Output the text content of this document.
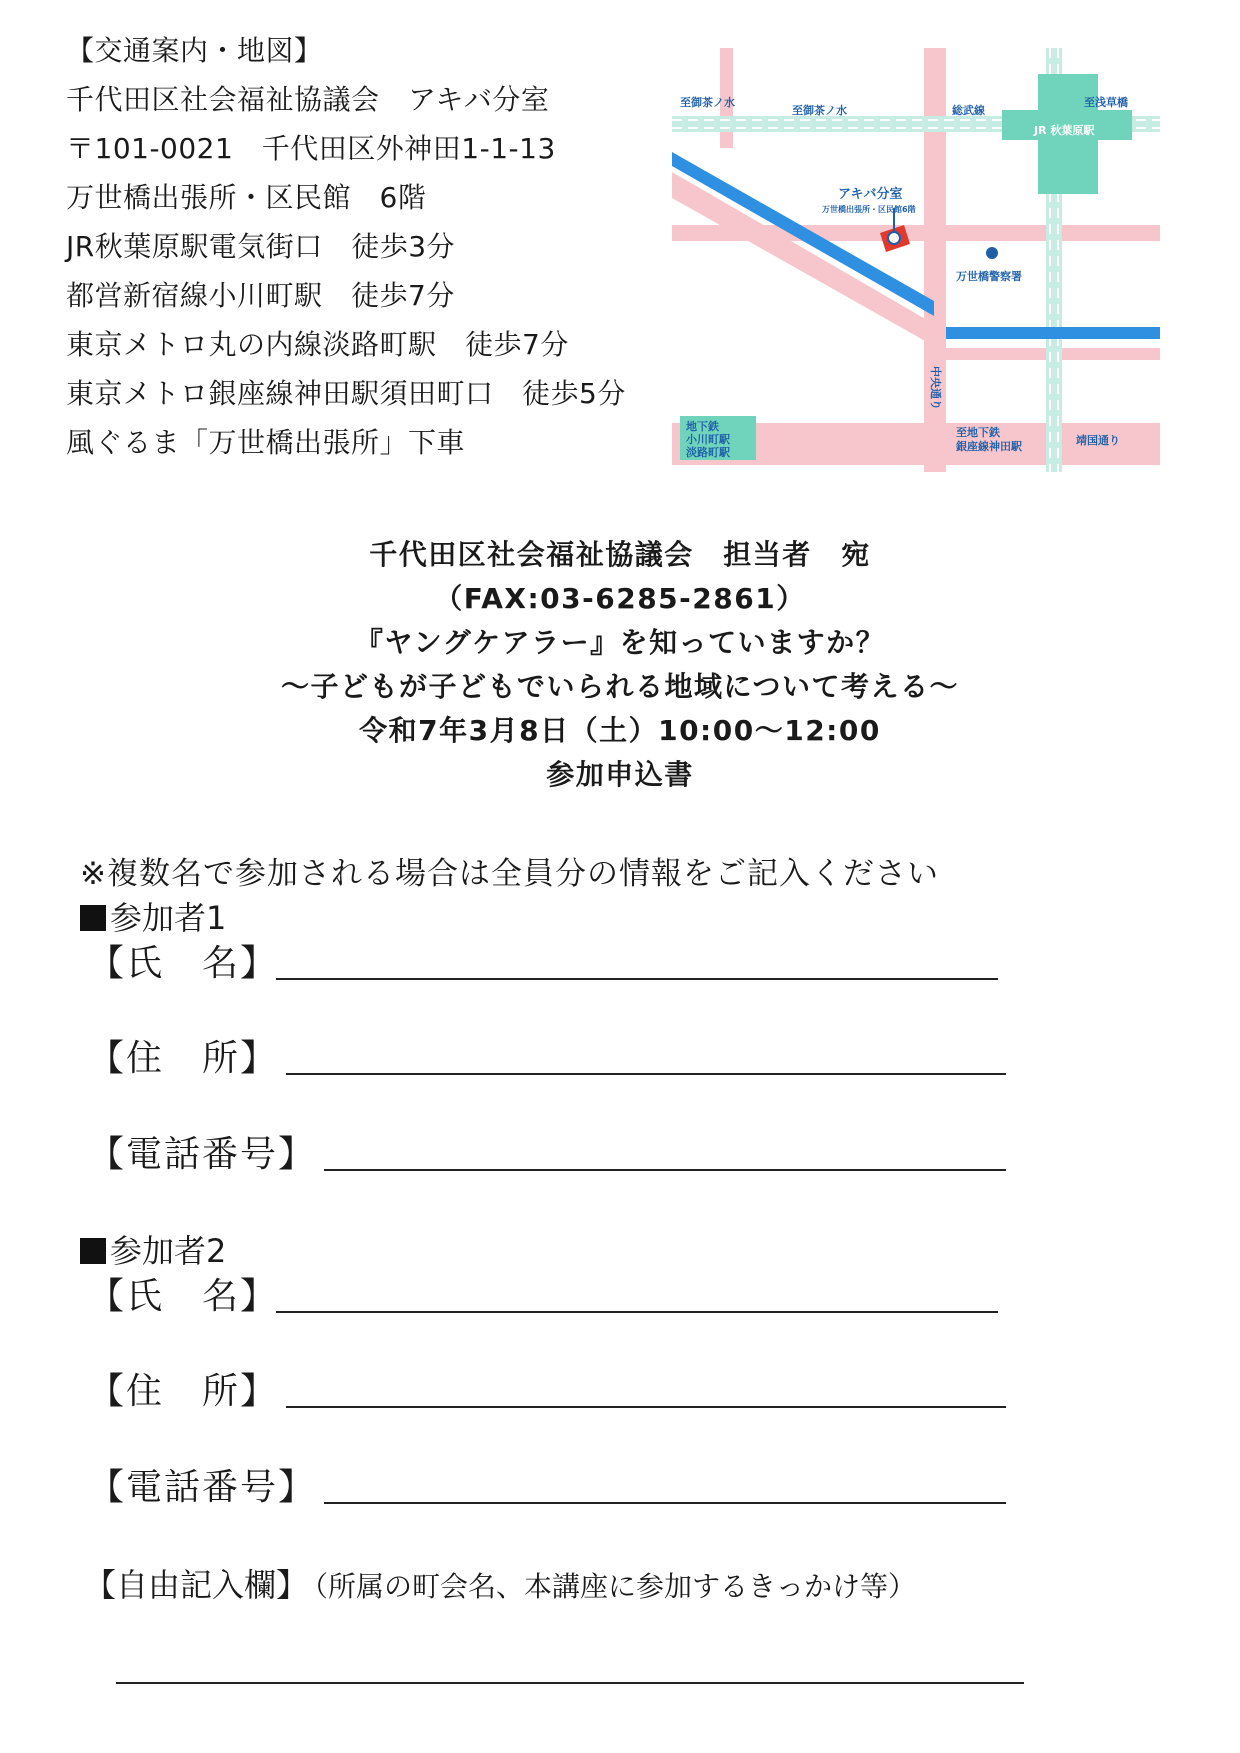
【交通案内・地図】
千代田区社会福祉協議会　アキバ分室
〒101-0021　千代田区外神田1-1-13
万世橋出張所・区民館　6階
JR秋葉原駅電気街口　徒歩3分
都営新宿線小川町駅　徒歩7分
東京メトロ丸の内線淡路町駅　徒歩7分
東京メトロ銀座線神田駅須田町口　徒歩5分
風ぐるま「万世橋出張所」下車
至御茶ノ水
至御茶ノ水	総武線
至浅草橋
JR 秋葉原駅
アキバ分室
万世橋出張所・区民館6階
万世橋警察署
中央通り
地下鉄
小川町駅
淡路町駅
至地下鉄
銀座線神田駅	靖国通り
千代田区社会福祉協議会　担当者　宛
（FAX:03-6285-2861）
『ヤングケアラー』を知っていますか？
～子どもが子どもでいられる地域について考える～
令和7年3月8日（土）10:00～12:00
参加申込書
※複数名で参加される場合は全員分の情報をご記入ください
参加者1
【氏　名】
【住　所】
【電話番号】
参加者2
【氏　名】
【住　所】
【電話番号】
【自由記入欄】 （所属の町会名、本講座に参加するきっかけ等）
